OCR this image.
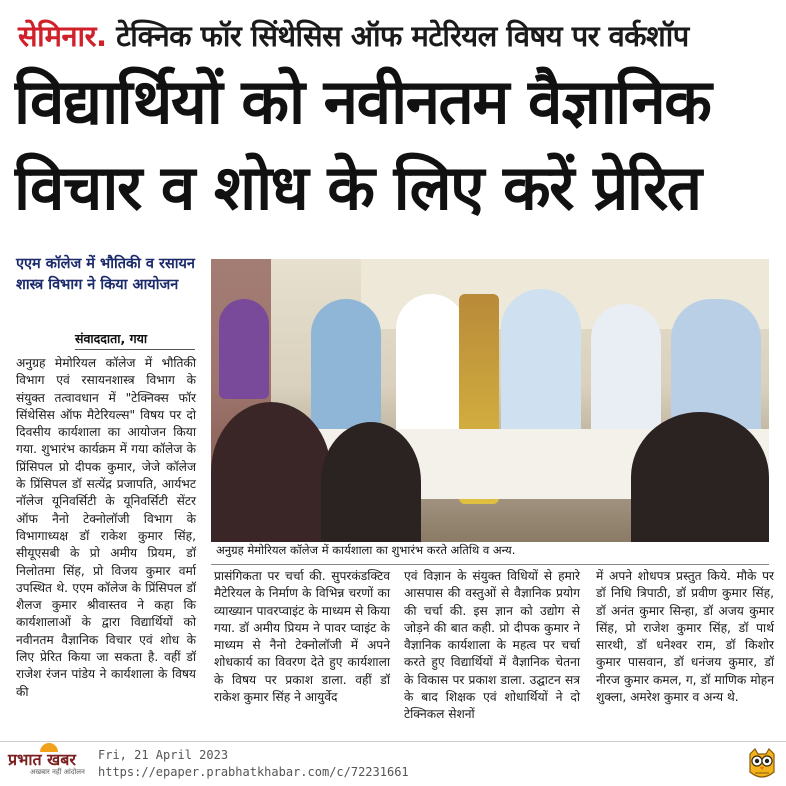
सेमिनार. टेक्निक फॉर सिंथेसिस ऑफ मटेरियल विषय पर वर्कशॉप
विद्यार्थियों को नवीनतम वैज्ञानिक
विचार व शोध के लिए करें प्रेरित
एएम कॉलेज में भौतिकी व रसायन शास्त्र विभाग ने किया आयोजन
संवाददाता, गया
अनुग्रह मेमोरियल कॉलेज में कार्यशाला का शुभारंभ करते अतिथि व अन्य.

अनुग्रह मेमोरियल कॉलेज में भौतिकी विभाग एवं रसायनशास्त्र विभाग के संयुक्त तत्वावधान में "टेक्निक्स फॉर सिंथेसिस ऑफ मैटेरियल्स" विषय पर दो दिवसीय कार्यशाला का आयोजन किया गया. शुभारंभ कार्यक्रम में गया कॉलेज के प्रिंसिपल प्रो दीपक कुमार, जेजे कॉलेज के प्रिंसिपल डॉ सत्येंद्र प्रजापति, आर्यभट नॉलेज यूनिवर्सिटी के यूनिवर्सिटी सेंटर ऑफ नैनो टेक्नोलॉजी विभाग के विभागाध्यक्ष डॉ राकेश कुमार सिंह, सीयूएसबी के प्रो अमीय प्रियम, डॉ निलोतमा सिंह, प्रो विजय कुमार वर्मा उपस्थित थे. एएम कॉलेज के प्रिंसिपल डॉ शैलज कुमार श्रीवास्तव ने कहा कि कार्यशालाओं के द्वारा विद्यार्थियों को नवीनतम वैज्ञानिक विचार एवं शोध के लिए प्रेरित किया जा सकता है. वहीं डॉ राजेश रंजन पांडेय ने कार्यशाला के विषय की

प्रासंगिकता पर चर्चा की. सुपरकंडक्टिव मैटेरियल के निर्माण के विभिन्न चरणों का व्याख्यान पावरप्वाइंट के माध्यम से किया गया. डॉ अमीय प्रियम ने पावर प्वाइंट के माध्यम से नैनो टेक्नोलॉजी में अपने शोधकार्य का विवरण देते हुए कार्यशाला के विषय पर प्रकाश डाला. वहीं डॉ राकेश कुमार सिंह ने आयुर्वेद

एवं विज्ञान के संयुक्त विधियों से हमारे आसपास की वस्तुओं से वैज्ञानिक प्रयोग की चर्चा की. इस ज्ञान को उद्योग से जोड़ने की बात कही. प्रो दीपक कुमार ने वैज्ञानिक कार्यशाला के महत्व पर चर्चा करते हुए विद्यार्थियों में वैज्ञानिक चेतना के विकास पर प्रकाश डाला. उद्घाटन सत्र के बाद शिक्षक एवं शोधार्थियों ने दो टेक्निकल सेशनों

में अपने शोधपत्र प्रस्तुत किये. मौके पर डॉ निधि त्रिपाठी, डॉ प्रवीण कुमार सिंह, डॉ अनंत कुमार सिन्हा, डॉ अजय कुमार सिंह, प्रो राजेश कुमार सिंह, डॉ पार्थ सारथी, डॉ धनेश्वर राम, डॉ किशोर कुमार पासवान, डॉ धनंजय कुमार, डॉ नीरज कुमार कमल, ग, डॉ माणिक मोहन शुक्ला, अमरेश कुमार व अन्य थे.

प्रभात खबर
अखबार नहीं आंदोलन
Fri, 21 April 2023
https://epaper.prabhatkhabar.com/c/72231661
